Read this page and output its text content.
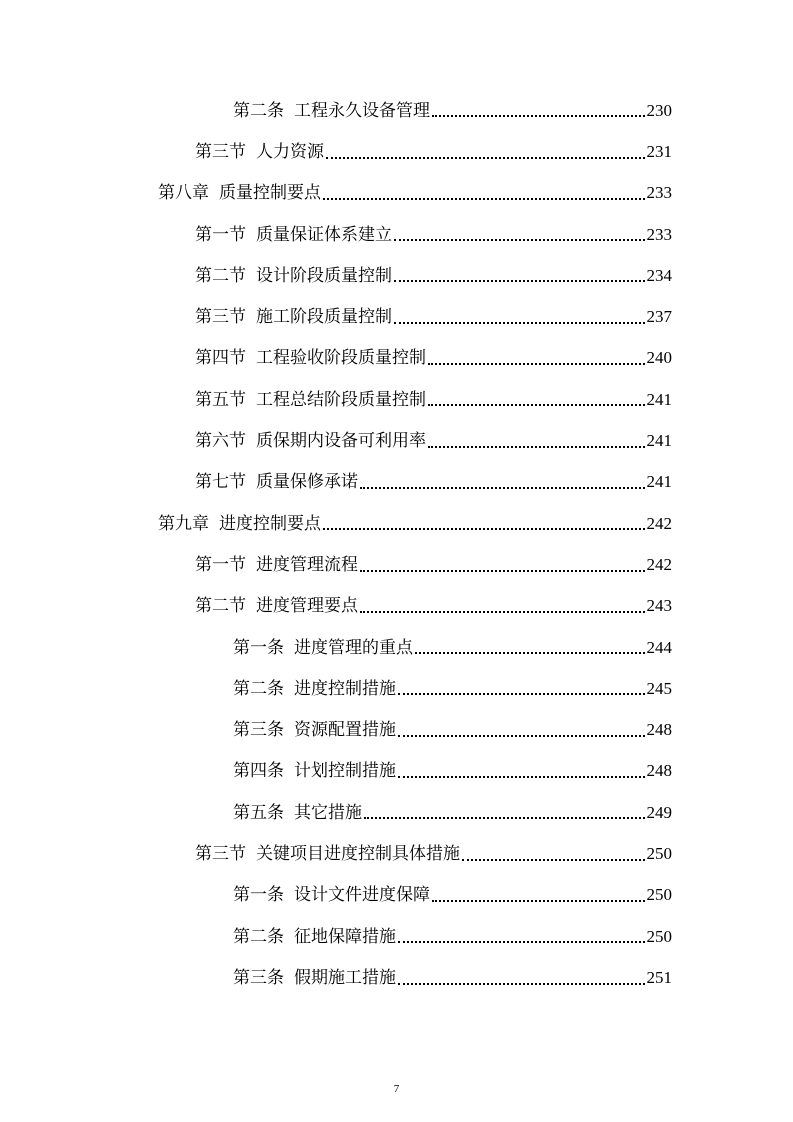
第二条 工程永久设备管理	230
第三节 人力资源	231
第八章 质量控制要点	233
第一节 质量保证体系建立	233
第二节 设计阶段质量控制	234
第三节 施工阶段质量控制	237
第四节 工程验收阶段质量控制	240
第五节 工程总结阶段质量控制	241
第六节 质保期内设备可利用率	241
第七节 质量保修承诺	241
第九章 进度控制要点	242
第一节 进度管理流程	242
第二节 进度管理要点	243
第一条 进度管理的重点	244
第二条 进度控制措施	245
第三条 资源配置措施	248
第四条 计划控制措施	248
第五条 其它措施	249
第三节 关键项目进度控制具体措施	250
第一条 设计文件进度保障	250
第二条 征地保障措施	250
第三条 假期施工措施	251
7
